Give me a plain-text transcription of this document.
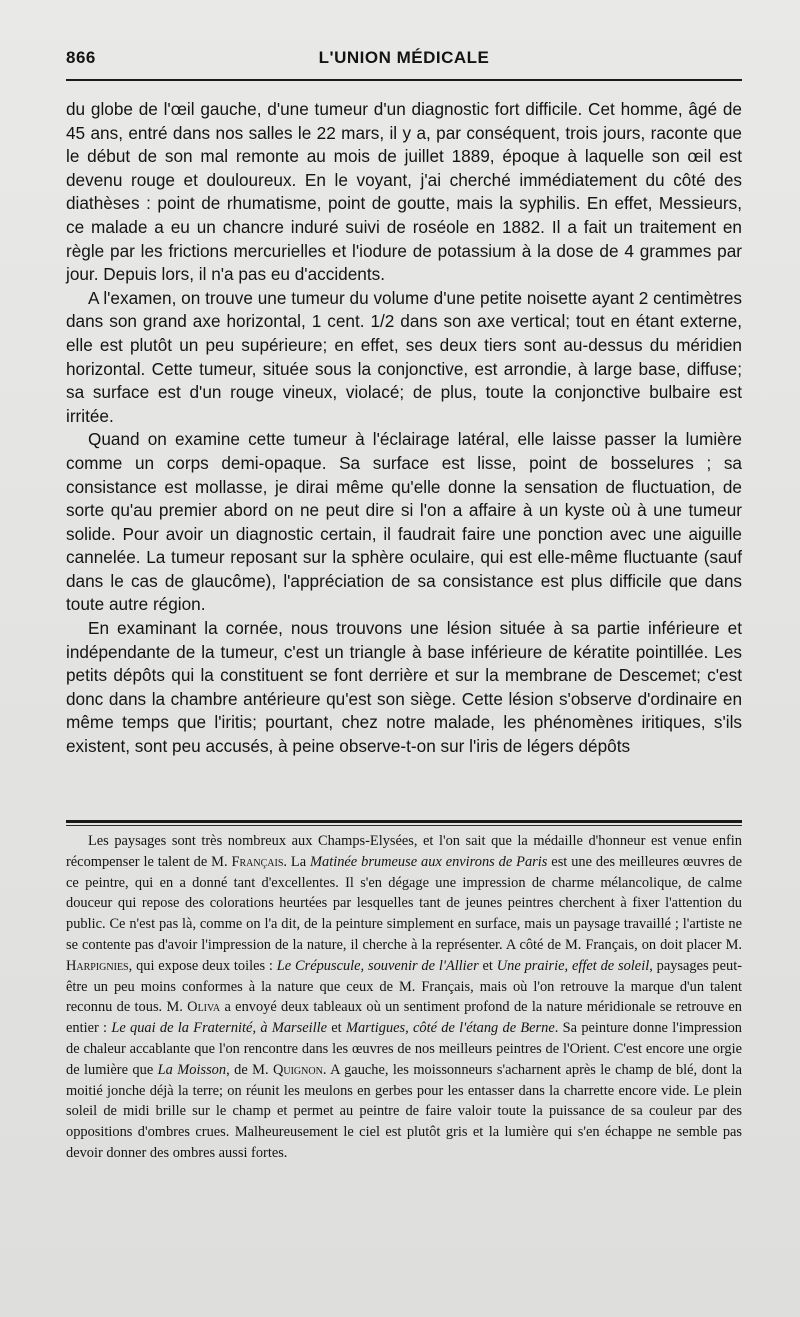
866	L'UNION MÉDICALE

du globe de l'œil gauche, d'une tumeur d'un diagnostic fort difficile. Cet homme, âgé de 45 ans, entré dans nos salles le 22 mars, il y a, par conséquent, trois jours, raconte que le début de son mal remonte au mois de juillet 1889, époque à laquelle son œil est devenu rouge et douloureux. En le voyant, j'ai cherché immédiatement du côté des diathèses : point de rhumatisme, point de goutte, mais la syphilis. En effet, Messieurs, ce malade a eu un chancre induré suivi de roséole en 1882. Il a fait un traitement en règle par les frictions mercurielles et l'iodure de potassium à la dose de 4 grammes par jour. Depuis lors, il n'a pas eu d'accidents.

A l'examen, on trouve une tumeur du volume d'une petite noisette ayant 2 centimètres dans son grand axe horizontal, 1 cent. 1/2 dans son axe vertical; tout en étant externe, elle est plutôt un peu supérieure; en effet, ses deux tiers sont au-dessus du méridien horizontal. Cette tumeur, située sous la conjonctive, est arrondie, à large base, diffuse; sa surface est d'un rouge vineux, violacé; de plus, toute la conjonctive bulbaire est irritée.

Quand on examine cette tumeur à l'éclairage latéral, elle laisse passer la lumière comme un corps demi-opaque. Sa surface est lisse, point de bosselures ; sa consistance est mollasse, je dirai même qu'elle donne la sensation de fluctuation, de sorte qu'au premier abord on ne peut dire si l'on a affaire à un kyste où à une tumeur solide. Pour avoir un diagnostic certain, il faudrait faire une ponction avec une aiguille cannelée. La tumeur reposant sur la sphère oculaire, qui est elle-même fluctuante (sauf dans le cas de glaucôme), l'appréciation de sa consistance est plus difficile que dans toute autre région.

En examinant la cornée, nous trouvons une lésion située à sa partie inférieure et indépendante de la tumeur, c'est un triangle à base inférieure de kératite pointillée. Les petits dépôts qui la constituent se font derrière et sur la membrane de Descemet; c'est donc dans la chambre antérieure qu'est son siège. Cette lésion s'observe d'ordinaire en même temps que l'iritis; pourtant, chez notre malade, les phénomènes iritiques, s'ils existent, sont peu accusés, à peine observe-t-on sur l'iris de légers dépôts

Les paysages sont très nombreux aux Champs-Elysées, et l'on sait que la médaille d'honneur est venue enfin récompenser le talent de M. Français. La Matinée brumeuse aux environs de Paris est une des meilleures œuvres de ce peintre, qui en a donné tant d'excellentes. Il s'en dégage une impression de charme mélancolique, de calme douceur qui repose des colorations heurtées par lesquelles tant de jeunes peintres cherchent à fixer l'attention du public. Ce n'est pas là, comme on l'a dit, de la peinture simplement en surface, mais un paysage travaillé ; l'artiste ne se contente pas d'avoir l'impression de la nature, il cherche à la représenter. A côté de M. Français, on doit placer M. Harpignies, qui expose deux toiles : Le Crépuscule, souvenir de l'Allier et Une prairie, effet de soleil, paysages peut-être un peu moins conformes à la nature que ceux de M. Français, mais où l'on retrouve la marque d'un talent reconnu de tous. M. Oliva a envoyé deux tableaux où un sentiment profond de la nature méridionale se retrouve en entier : Le quai de la Fraternité, à Marseille et Martigues, côté de l'étang de Berne. Sa peinture donne l'impression de chaleur accablante que l'on rencontre dans les œuvres de nos meilleurs peintres de l'Orient. C'est encore une orgie de lumière que La Moisson, de M. Quignon. A gauche, les moissonneurs s'acharnent après le champ de blé, dont la moitié jonche déjà la terre; on réunit les meulons en gerbes pour les entasser dans la charrette encore vide. Le plein soleil de midi brille sur le champ et permet au peintre de faire valoir toute la puissance de sa couleur par des oppositions d'ombres crues. Malheureusement le ciel est plutôt gris et la lumière qui s'en échappe ne semble pas devoir donner des ombres aussi fortes.
